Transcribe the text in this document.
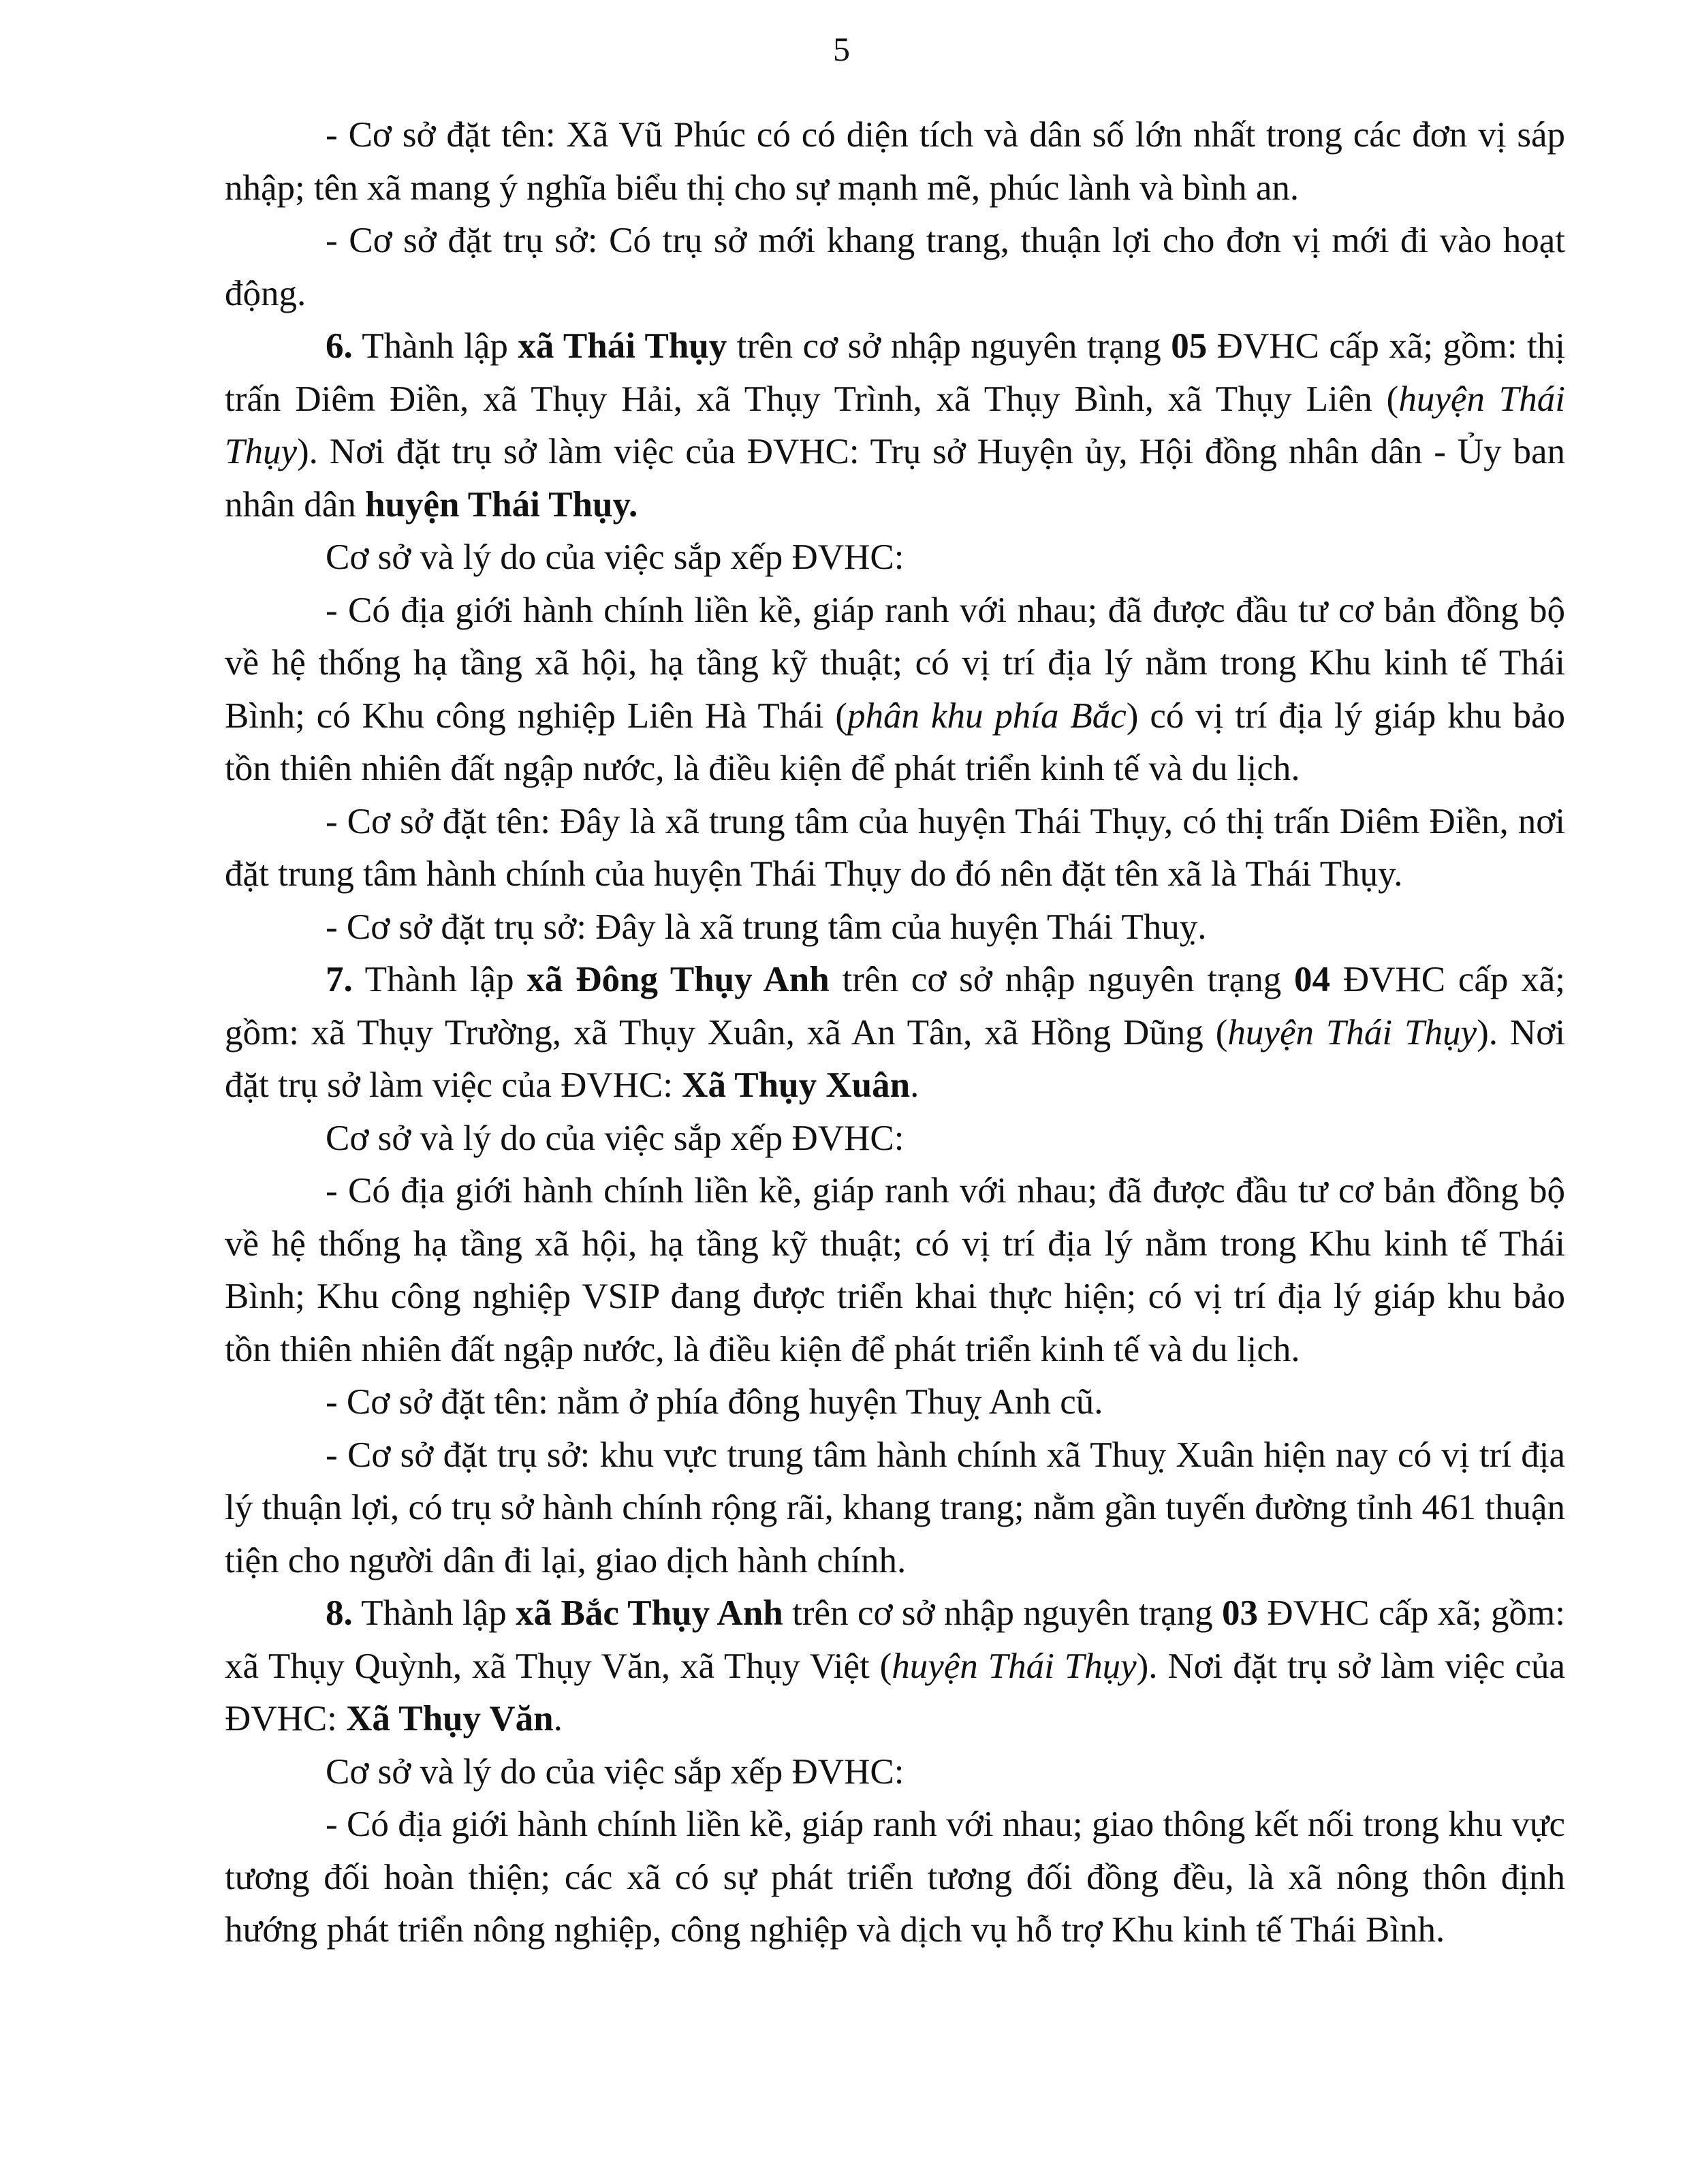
5

- Cơ sở đặt tên: Xã Vũ Phúc có có diện tích và dân số lớn nhất trong các đơn vị sáp nhập; tên xã mang ý nghĩa biểu thị cho sự mạnh mẽ, phúc lành và bình an.

- Cơ sở đặt trụ sở: Có trụ sở mới khang trang, thuận lợi cho đơn vị mới đi vào hoạt động.

6. Thành lập xã Thái Thụy trên cơ sở nhập nguyên trạng 05 ĐVHC cấp xã; gồm: thị trấn Diêm Điền, xã Thụy Hải, xã Thụy Trình, xã Thụy Bình, xã Thụy Liên (huyện Thái Thụy). Nơi đặt trụ sở làm việc của ĐVHC: Trụ sở Huyện ủy, Hội đồng nhân dân - Ủy ban nhân dân huyện Thái Thụy.

Cơ sở và lý do của việc sắp xếp ĐVHC:

- Có địa giới hành chính liền kề, giáp ranh với nhau; đã được đầu tư cơ bản đồng bộ về hệ thống hạ tầng xã hội, hạ tầng kỹ thuật; có vị trí địa lý nằm trong Khu kinh tế Thái Bình; có Khu công nghiệp Liên Hà Thái (phân khu phía Bắc) có vị trí địa lý giáp khu bảo tồn thiên nhiên đất ngập nước, là điều kiện để phát triển kinh tế và du lịch.

- Cơ sở đặt tên: Đây là xã trung tâm của huyện Thái Thụy, có thị trấn Diêm Điền, nơi đặt trung tâm hành chính của huyện Thái Thụy do đó nên đặt tên xã là Thái Thụy.

- Cơ sở đặt trụ sở: Đây là xã trung tâm của huyện Thái Thuỵ.

7. Thành lập xã Đông Thụy Anh trên cơ sở nhập nguyên trạng 04 ĐVHC cấp xã; gồm: xã Thụy Trường, xã Thụy Xuân, xã An Tân, xã Hồng Dũng (huyện Thái Thụy). Nơi đặt trụ sở làm việc của ĐVHC: Xã Thụy Xuân.

Cơ sở và lý do của việc sắp xếp ĐVHC:

- Có địa giới hành chính liền kề, giáp ranh với nhau; đã được đầu tư cơ bản đồng bộ về hệ thống hạ tầng xã hội, hạ tầng kỹ thuật; có vị trí địa lý nằm trong Khu kinh tế Thái Bình; Khu công nghiệp VSIP đang được triển khai thực hiện; có vị trí địa lý giáp khu bảo tồn thiên nhiên đất ngập nước, là điều kiện để phát triển kinh tế và du lịch.

- Cơ sở đặt tên: nằm ở phía đông huyện Thuỵ Anh cũ.

- Cơ sở đặt trụ sở: khu vực trung tâm hành chính xã Thuỵ Xuân hiện nay có vị trí địa lý thuận lợi, có trụ sở hành chính rộng rãi, khang trang; nằm gần tuyến đường tỉnh 461 thuận tiện cho người dân đi lại, giao dịch hành chính.

8. Thành lập xã Bắc Thụy Anh trên cơ sở nhập nguyên trạng 03 ĐVHC cấp xã; gồm: xã Thụy Quỳnh, xã Thụy Văn, xã Thụy Việt (huyện Thái Thụy). Nơi đặt trụ sở làm việc của ĐVHC: Xã Thụy Văn.

Cơ sở và lý do của việc sắp xếp ĐVHC:

- Có địa giới hành chính liền kề, giáp ranh với nhau; giao thông kết nối trong khu vực tương đối hoàn thiện; các xã có sự phát triển tương đối đồng đều, là xã nông thôn định hướng phát triển nông nghiệp, công nghiệp và dịch vụ hỗ trợ Khu kinh tế Thái Bình.
